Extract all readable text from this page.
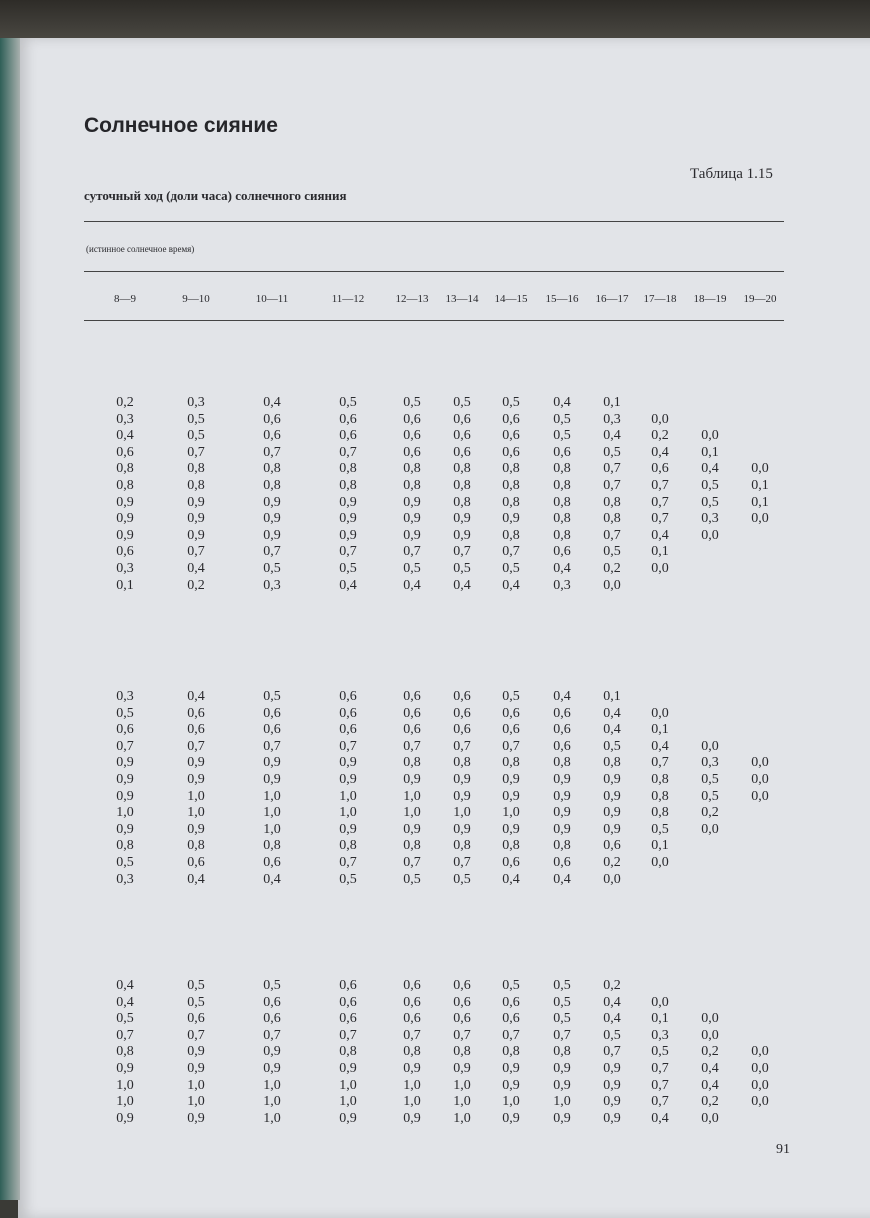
Солнечное сияние
Таблица 1.15
суточный ход (доли часа) солнечного сияния
(истинное солнечное время)
8—9	9—10	10—11	11—12	12—13 13—14 14—15 15—16 16—17 17—18 18—19 19—20
0,2	0,3	0,4	0,5	0,5 0,5 0,5 0,4 0,1
0,3	0,5	0,6	0,6	0,6 0,6 0,6 0,5 0,3 0,0
0,4	0,5	0,6	0,6	0,6 0,6 0,6 0,5 0,4 0,2 0,0
0,6	0,7	0,7	0,7	0,6 0,6 0,6 0,6 0,5 0,4 0,1
0,8	0,8	0,8	0,8	0,8 0,8 0,8 0,8 0,7 0,6 0,4 0,0
0,8	0,8	0,8	0,8	0,8 0,8 0,8 0,8 0,7 0,7 0,5 0,1
0,9	0,9	0,9	0,9	0,9 0,8 0,8 0,8 0,8 0,7 0,5 0,1
0,9	0,9	0,9	0,9	0,9 0,9 0,9 0,8 0,8 0,7 0,3 0,0
0,9	0,9	0,9	0,9	0,9 0,9 0,8 0,8 0,7 0,4 0,0
0,6	0,7	0,7	0,7	0,7 0,7 0,7 0,6 0,5 0,1
0,3	0,4	0,5	0,5	0,5 0,5 0,5 0,4 0,2 0,0
0,1	0,2	0,3	0,4	0,4 0,4 0,4 0,3 0,0
0,3	0,4	0,5	0,6	0,6 0,6 0,5 0,4 0,1
0,5	0,6	0,6	0,6	0,6 0,6 0,6 0,6 0,4 0,0
0,6	0,6	0,6	0,6	0,6 0,6 0,6 0,6 0,4 0,1
0,7	0,7	0,7	0,7	0,7 0,7 0,7 0,6 0,5 0,4 0,0
0,9	0,9	0,9	0,9	0,8 0,8 0,8 0,8 0,8 0,7 0,3 0,0
0,9	0,9	0,9	0,9	0,9 0,9 0,9 0,9 0,9 0,8 0,5 0,0
0,9	1,0	1,0	1,0	1,0 0,9 0,9 0,9 0,9 0,8 0,5 0,0
1,0	1,0	1,0	1,0	1,0 1,0 1,0 0,9 0,9 0,8 0,2
0,9	0,9	1,0	0,9	0,9 0,9 0,9 0,9 0,9 0,5 0,0
0,8	0,8	0,8	0,8	0,8 0,8 0,8 0,8 0,6 0,1
0,5	0,6	0,6	0,7	0,7 0,7 0,6 0,6 0,2 0,0
0,3	0,4	0,4	0,5	0,5 0,5 0,4 0,4 0,0
0,4	0,5	0,5	0,6	0,6 0,6 0,5 0,5 0,2
0,4	0,5	0,6	0,6	0,6 0,6 0,6 0,5 0,4 0,0
0,5	0,6	0,6	0,6	0,6 0,6 0,6 0,5 0,4 0,1 0,0
0,7	0,7	0,7	0,7	0,7 0,7 0,7 0,7 0,5 0,3 0,0
0,8	0,9	0,9	0,8	0,8 0,8 0,8 0,8 0,7 0,5 0,2 0,0
0,9	0,9	0,9	0,9	0,9 0,9 0,9 0,9 0,9 0,7 0,4 0,0
1,0	1,0	1,0	1,0	1,0 1,0 0,9 0,9 0,9 0,7 0,4 0,0
1,0	1,0	1,0	1,0	1,0 1,0 1,0 1,0 0,9 0,7 0,2 0,0
0,9	0,9	1,0	0,9	0,9 1,0 0,9 0,9 0,9 0,4 0,0
91
